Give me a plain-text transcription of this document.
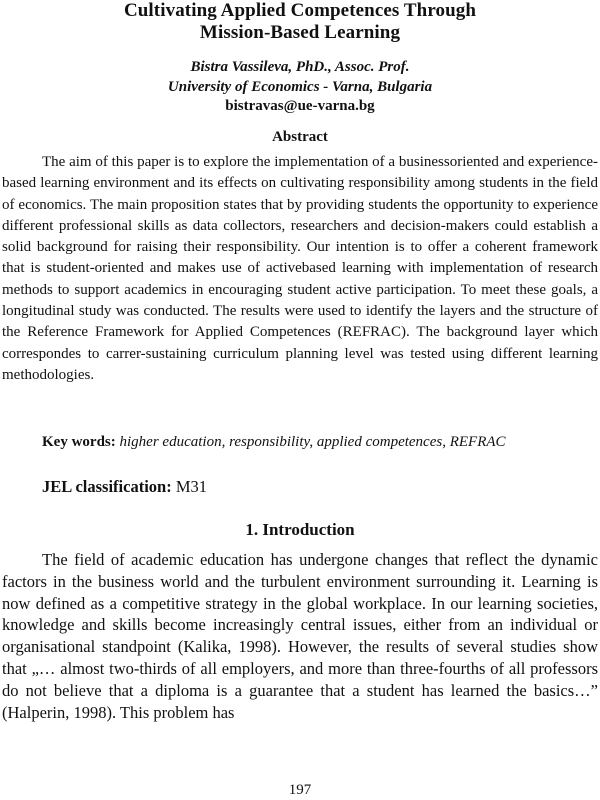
Cultivating Applied Competences Through
Mission-Based Learning
Bistra Vassileva, PhD., Assoc. Prof.
University of Economics - Varna, Bulgaria
bistravas@ue-varna.bg
Abstract

The aim of this paper is to explore the implementation of a businessoriented and experience-based learning environment and its effects on cultivating responsibility among students in the field of economics. The main proposition states that by providing students the opportunity to experience different professional skills as data collectors, researchers and decision-makers could establish a solid background for raising their responsibility. Our intention is to offer a coherent framework that is student-oriented and makes use of activebased learning with implementation of research methods to support academics in encouraging student active participation. To meet these goals, a longitudinal study was conducted. The results were used to identify the layers and the structure of the Reference Framework for Applied Competences (REFRAC). The background layer which correspondes to carrer-sustaining curriculum planning level was tested using different learning methodologies.

Key words: higher education, responsibility, applied competences, REFRAC

JEL classification: M31
1. Introduction

The field of academic education has undergone changes that reflect the dynamic factors in the business world and the turbulent environment surrounding it. Learning is now defined as a competitive strategy in the global workplace. In our learning societies, knowledge and skills become increasingly central issues, either from an individual or organisational standpoint (Kalika, 1998). However, the results of several studies show that „… almost two-thirds of all employers, and more than three-fourths of all professors do not believe that a diploma is a guarantee that a student has learned the basics…” (Halperin, 1998). This problem has

197
